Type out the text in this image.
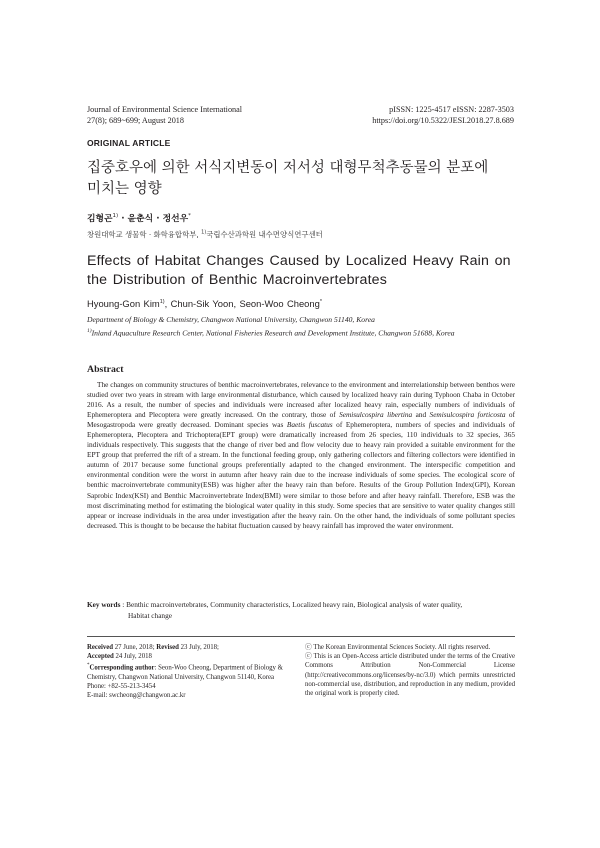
Journal of Environmental Science International
27(8); 689~699; August 2018
pISSN: 1225-4517 eISSN: 2287-3503
https://doi.org/10.5322/JESI.2018.27.8.689
ORIGINAL ARTICLE
집중호우에 의한 서식지변동이 저서성 대형무척추동물의 분포에
미치는 영향
김형곤$^{1)}$ · 윤춘식 · 정선우*
창원대학교 생물학 · 화학융합학부, $^{1)}$국립수산과학원 내수면양식연구센터
Effects of Habitat Changes Caused by Localized Heavy Rain on
the Distribution of Benthic Macroinvertebrates
Hyoung-Gon Kim$^{1)}$, Chun-Sik Yoon, Seon-Woo Cheong*
Department of Biology & Chemistry, Changwon National University, Changwon 51140, Korea
$^{1)}$Inland Aquaculture Research Center, National Fisheries Research and Development Institute, Changwon 51688, Korea
Abstract

The changes on community structures of benthic macroinvertebrates, relevance to the environment and interrelationship between benthos were studied over two years in stream with large environmental disturbance, which caused by localized heavy rain during Typhoon Chaba in October 2016. As a result, the number of species and individuals were increased after localized heavy rain, especially numbers of individuals of Ephemeroptera and Plecoptera were greatly increased. On the contrary, those of Semisulcospira libertina and Semisulcospira forticosta of Mesogastropoda were greatly decreased. Dominant species was Baetis fuscatus of Ephemeroptera, numbers of species and individuals of Ephemeroptera, Plecoptera and Trichoptera(EPT group) were dramatically increased from 26 species, 110 individuals to 32 species, 365 individuals respectively. This suggests that the change of river bed and flow velocity due to heavy rain provided a suitable environment for the EPT group that preferred the rift of a stream. In the functional feeding group, only gathering collectors and filtering collectors were identified in autumn of 2017 because some functional groups preferentially adapted to the changed environment. The interspecific competition and environmental condition were the worst in autumn after heavy rain due to the increase individuals of some species. The ecological score of benthic macroinvertebrate community(ESB) was higher after the heavy rain than before. Results of the Group Pollution Index(GPI), Korean Saprobic Index(KSI) and Benthic Macroinvertebrate Index(BMI) were similar to those before and after heavy rainfall. Therefore, ESB was the most discriminating method for estimating the biological water quality in this study. Some species that are sensitive to water quality changes still appear or increase individuals in the area under investigation after the heavy rain. On the other hand, the individuals of some pollutant species decreased. This is thought to be because the habitat fluctuation caused by heavy rainfall has improved the water environment.

Key words : Benthic macroinvertebrates, Community characteristics, Localized heavy rain, Biological analysis of water quality,
Habitat change
Received 27 June, 2018; Revised 23 July, 2018;
Accepted 24 July, 2018
*Corresponding author: Seon-Woo Cheong, Department of Biology & Chemistry, Changwon National University, Changwon 51140, Korea
Phone: +82-55-213-3454
E-mail: swcheong@changwon.ac.kr
ⓒ The Korean Environmental Sciences Society. All rights reserved.
ⓒ This is an Open-Access article distributed under the terms of the Creative Commons Attribution Non-Commercial License (http://creativecommons.org/licenses/by-nc/3.0) which permits unrestricted non-commercial use, distribution, and reproduction in any medium, provided the original work is properly cited.
